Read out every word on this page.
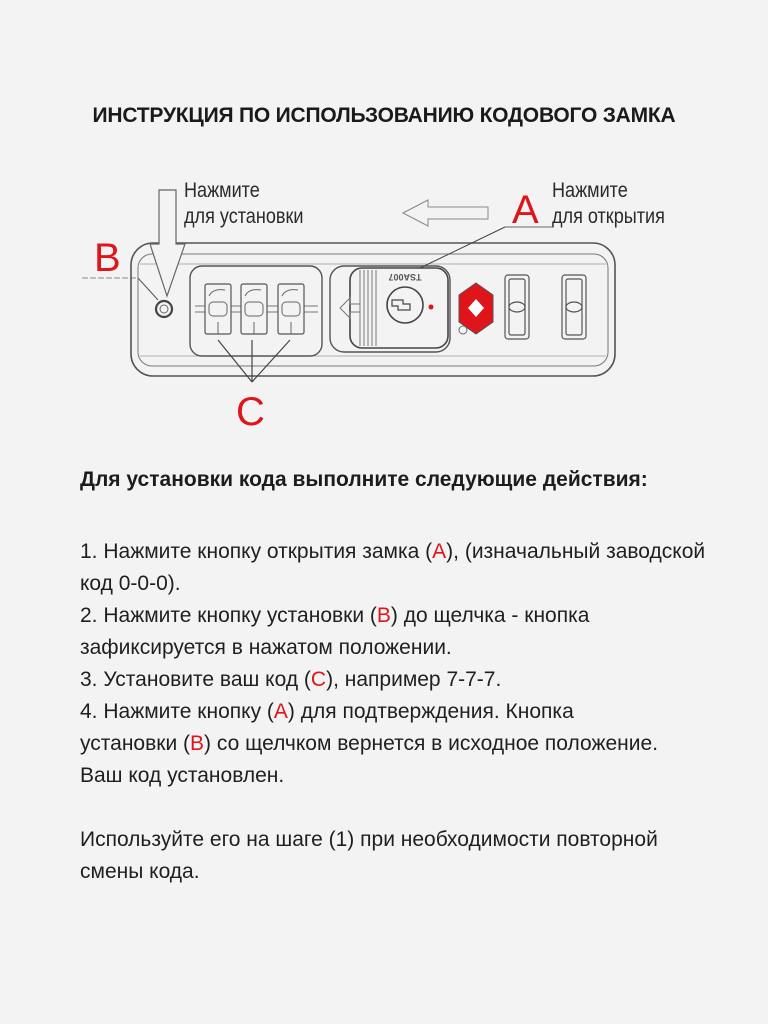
ИНСТРУКЦИЯ ПО ИСПОЛЬЗОВАНИЮ КОДОВОГО ЗАМКА
TSA007
Нажмите
для установки
Нажмите
для открытия
A
B
C
Для установки кода выполните следующие действия:

1. Нажмите кнопку открытия замка (A), (изначальный заводской код 0-0-0).

2. Нажмите кнопку установки (B) до щелчка - кнопка зафиксируется в нажатом положении.

3. Установите ваш код (C), например 7-7-7.

4. Нажмите кнопку (A) для подтверждения. Кнопка
установки (B) со щелчком вернется в исходное положение.

Ваш код установлен.

Используйте его на шаге (1) при необходимости повторной смены кода.
